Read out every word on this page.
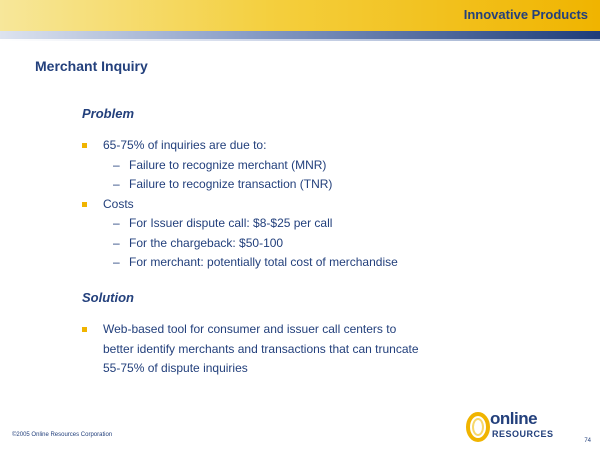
Innovative Products
Merchant Inquiry
Problem
65-75% of inquiries are due to:
– Failure to recognize merchant (MNR)
– Failure to recognize transaction (TNR)
Costs
– For Issuer dispute call: $8-$25 per call
– For the chargeback: $50-100
– For merchant: potentially total cost of merchandise
Solution
Web-based tool for consumer and issuer call centers to
better identify merchants and transactions that can truncate
55-75% of dispute inquiries
©2005 Online Resources Corporation
online
RESOURCES
74
